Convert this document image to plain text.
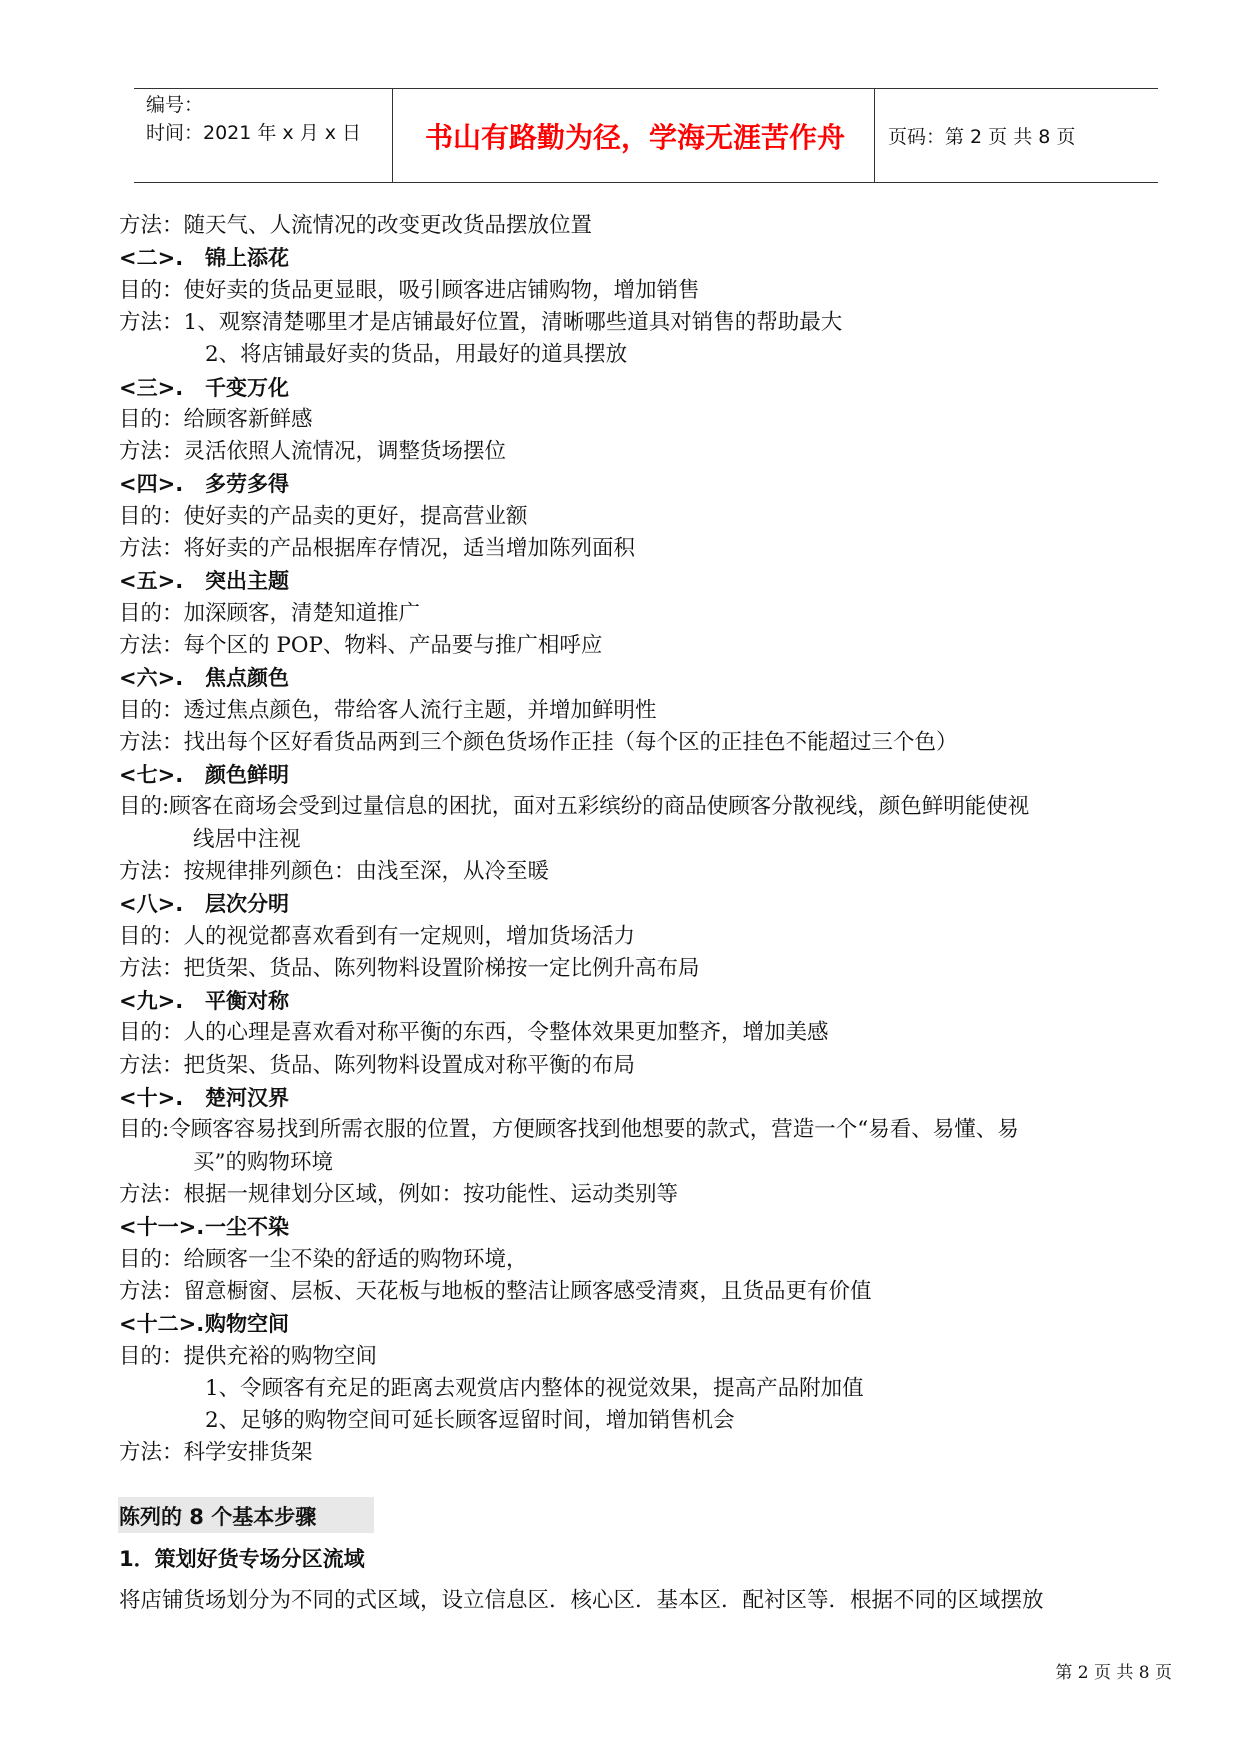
编号：
时间：2021 年 x 月 x 日	书山有路勤为径，学海无涯苦作舟	页码：第 2 页 共 8 页
方法：随天气、人流情况的改变更改货品摆放位置
<二>. 锦上添花
目的：使好卖的货品更显眼，吸引顾客进店铺购物，增加销售
方法：1、观察清楚哪里才是店铺最好位置，清晰哪些道具对销售的帮助最大
2、将店铺最好卖的货品，用最好的道具摆放
<三>. 千变万化
目的：给顾客新鲜感
方法：灵活依照人流情况，调整货场摆位
<四>. 多劳多得
目的：使好卖的产品卖的更好，提高营业额
方法：将好卖的产品根据库存情况，适当增加陈列面积
<五>. 突出主题
目的：加深顾客，清楚知道推广
方法：每个区的 POP、物料、产品要与推广相呼应
<六>. 焦点颜色
目的：透过焦点颜色，带给客人流行主题，并增加鲜明性
方法：找出每个区好看货品两到三个颜色货场作正挂（每个区的正挂色不能超过三个色）
<七>. 颜色鲜明
目的:顾客在商场会受到过量信息的困扰，面对五彩缤纷的商品使顾客分散视线，颜色鲜明能使视
线居中注视
方法：按规律排列颜色：由浅至深，从冷至暖
<八>. 层次分明
目的：人的视觉都喜欢看到有一定规则，增加货场活力
方法：把货架、货品、陈列物料设置阶梯按一定比例升高布局
<九>. 平衡对称
目的：人的心理是喜欢看对称平衡的东西，令整体效果更加整齐，增加美感
方法：把货架、货品、陈列物料设置成对称平衡的布局
<十>. 楚河汉界
目的:令顾客容易找到所需衣服的位置，方便顾客找到他想要的款式，营造一个“易看、易懂、易
买”的购物环境
方法：根据一规律划分区域，例如：按功能性、运动类别等
<十一>.一尘不染
目的：给顾客一尘不染的舒适的购物环境，
方法：留意橱窗、层板、天花板与地板的整洁让顾客感受清爽，且货品更有价值
<十二>.购物空间
目的：提供充裕的购物空间
1、令顾客有充足的距离去观赏店内整体的视觉效果，提高产品附加值
2、足够的购物空间可延长顾客逗留时间，增加销售机会
方法：科学安排货架
陈列的 8 个基本步骤
1．策划好货专场分区流域
将店铺货场划分为不同的式区域，设立信息区．核心区．基本区．配衬区等．根据不同的区域摆放
第 2 页 共 8 页
